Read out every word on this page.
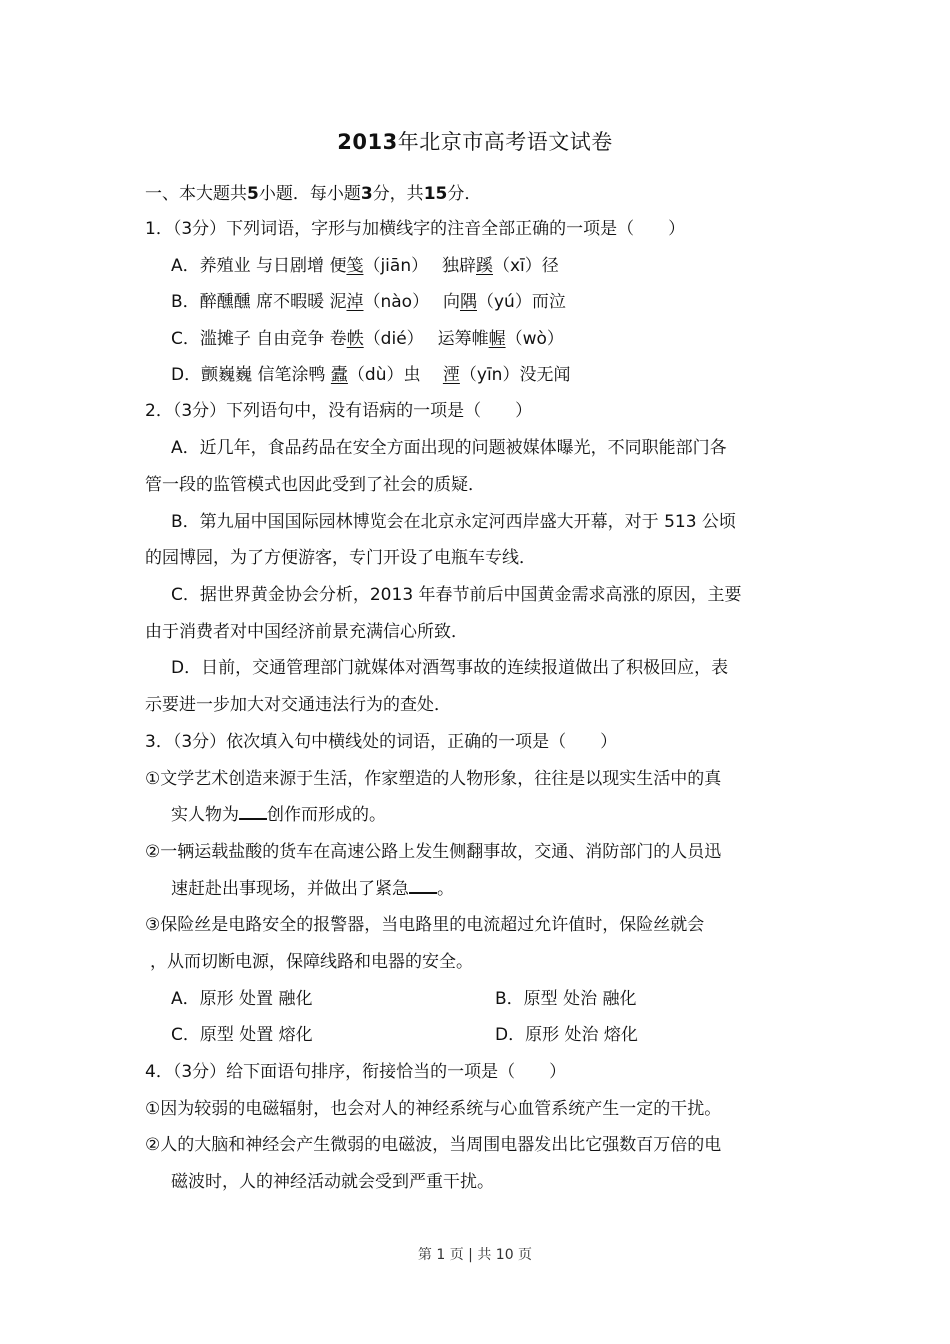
2013年北京市高考语文试卷
一、本大题共5小题．每小题3分，共15分．
1．（3分）下列词语，字形与加横线字的注音全部正确的一项是（　　）
A．养殖业 与日剧增 便笺（jiān）　 独辟蹊（xī）径
B．醉醺醺 席不暇暖 泥淖（nào）　 向隅（yú）而泣
C．滥摊子 自由竞争 卷帙（dié）　 运筹帷幄（wò）
D．颤巍巍 信笔涂鸭 蠹（dù）虫　 湮（yīn）没无闻
2．（3分）下列语句中，没有语病的一项是（　　）
A．近几年，食品药品在安全方面出现的问题被媒体曝光，不同职能部门各
管一段的监管模式也因此受到了社会的质疑．
B．第九届中国国际园林博览会在北京永定河西岸盛大开幕，对于 513 公顷
的园博园，为了方便游客，专门开设了电瓶车专线．
C．据世界黄金协会分析，2013 年春节前后中国黄金需求高涨的原因，主要
由于消费者对中国经济前景充满信心所致．
D．日前，交通管理部门就媒体对酒驾事故的连续报道做出了积极回应，表
示要进一步加大对交通违法行为的查处．
3．（3分）依次填入句中横线处的词语，正确的一项是（　　）
①文学艺术创造来源于生活，作家塑造的人物形象，往往是以现实生活中的真
实人物为 创作而形成的。
②一辆运载盐酸的货车在高速公路上发生侧翻事故，交通、消防部门的人员迅
速赶赴出事现场，并做出了紧急 。
③保险丝是电路安全的报警器，当电路里的电流超过允许值时，保险丝就会
，从而切断电源，保障线路和电器的安全。
A．原形 处置 融化	B．原型 处治 融化
C．原型 处置 熔化	D．原形 处治 熔化
4．（3分）给下面语句排序，衔接恰当的一项是（　　）
①因为较弱的电磁辐射，也会对人的神经系统与心血管系统产生一定的干扰。
②人的大脑和神经会产生微弱的电磁波，当周围电器发出比它强数百万倍的电
磁波时，人的神经活动就会受到严重干扰。
第 1 页 | 共 10 页
